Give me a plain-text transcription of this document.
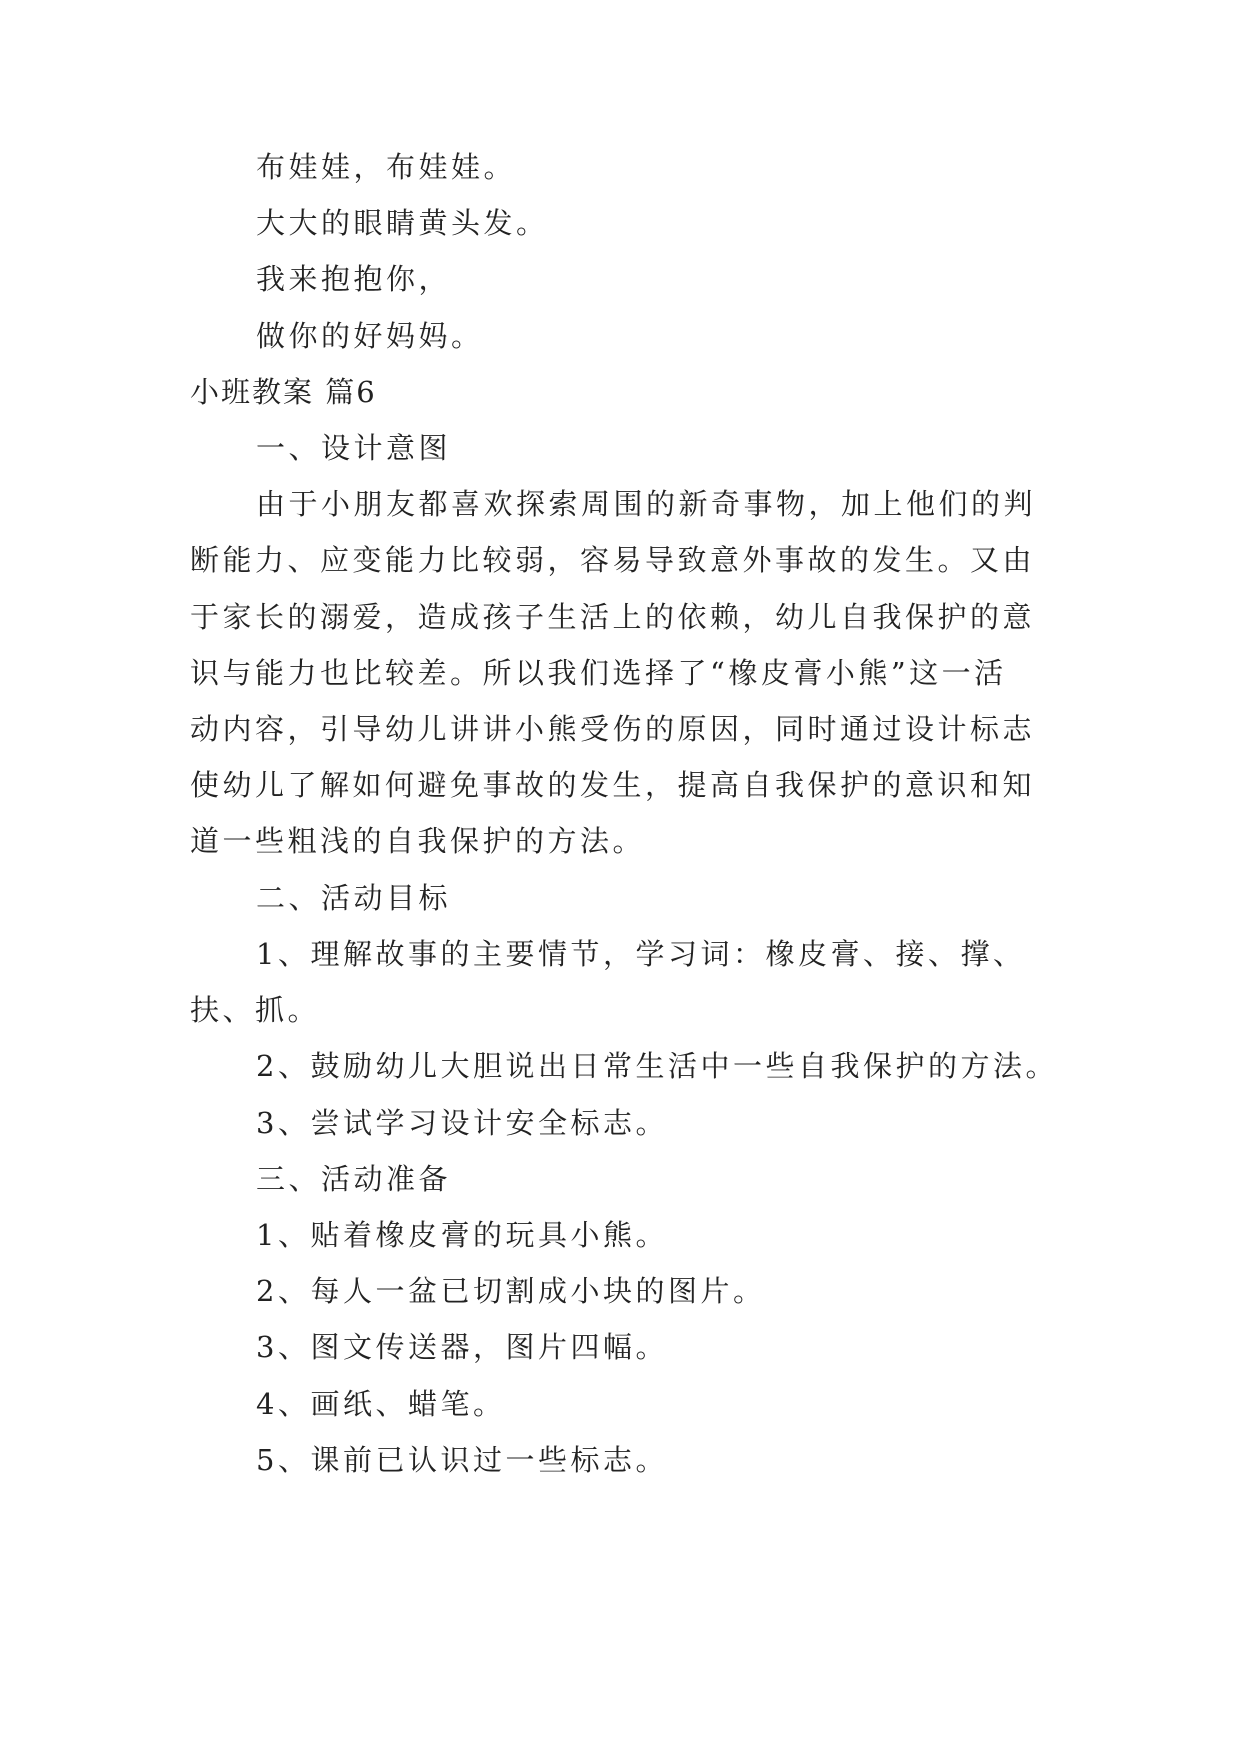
布娃娃，布娃娃。
大大的眼睛黄头发。
我来抱抱你，
做你的好妈妈。
小班教案 篇6
一、设计意图
由于小朋友都喜欢探索周围的新奇事物，加上他们的判
断能力、应变能力比较弱，容易导致意外事故的发生。又由
于家长的溺爱，造成孩子生活上的依赖，幼儿自我保护的意
识与能力也比较差。所以我们选择了“橡皮膏小熊”这一活
动内容，引导幼儿讲讲小熊受伤的原因，同时通过设计标志
使幼儿了解如何避免事故的发生，提高自我保护的意识和知
道一些粗浅的自我保护的方法。
二、活动目标
1、理解故事的主要情节，学习词：橡皮膏、接、撑、
扶、抓。
2、鼓励幼儿大胆说出日常生活中一些自我保护的方法。
3、尝试学习设计安全标志。
三、活动准备
1、贴着橡皮膏的玩具小熊。
2、每人一盆已切割成小块的图片。
3、图文传送器，图片四幅。
4、画纸、蜡笔。
5、课前已认识过一些标志。
